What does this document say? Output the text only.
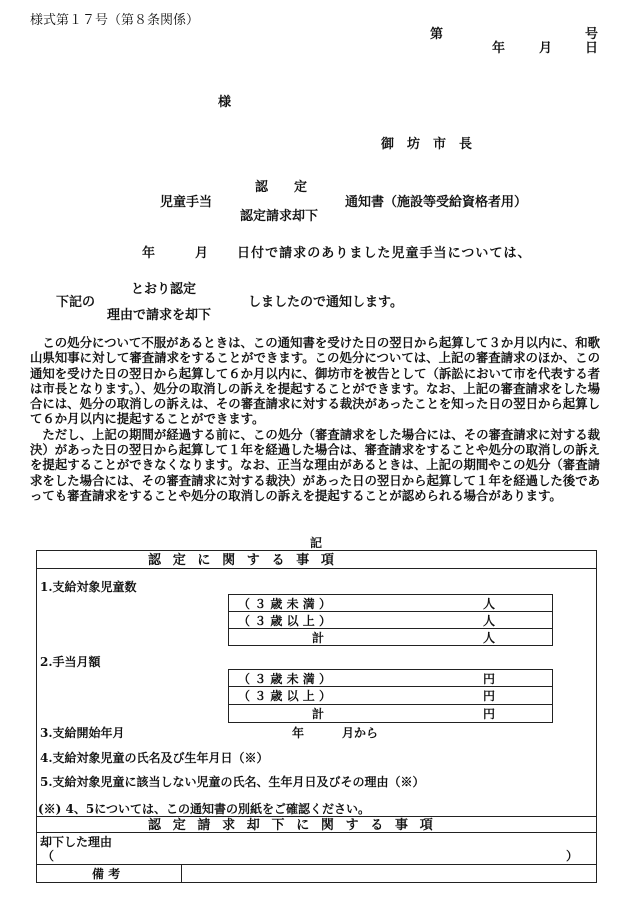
様式第１７号（第８条関係）
第	号
年	月	日
様
御　坊　市　長
認　　定
児童手当	通知書（施設等受給資格者用）
認定請求却下
年	月 日付で請求のありました児童手当については、
とおり認定
下記の	しましたので通知します。
理由で請求を却下

この処分について不服があるときは、この通知書を受けた日の翌日から起算して３か月以内に、和歌山県知事に対して審査請求をすることができます。この処分については、上記の審査請求のほか、この通知を受けた日の翌日から起算して６か月以内に、御坊市を被告として（訴訟において市を代表する者は市長となります。）、処分の取消しの訴えを提起することができます。なお、上記の審査請求をした場合には、処分の取消しの訴えは、その審査請求に対する裁決があったことを知った日の翌日から起算して６か月以内に提起することができます。

ただし、上記の期間が経過する前に、この処分（審査請求をした場合には、その審査請求に対する裁決）があった日の翌日から起算して１年を経過した場合は、審査請求をすることや処分の取消しの訴えを提起することができなくなります。なお、正当な理由があるときは、上記の期間やこの処分（審査請求をした場合には、その審査請求に対する裁決）があった日の翌日から起算して１年を経過した後であっても審査請求をすることや処分の取消しの訴えを提起することが認められる場合があります。

記
認定に関する事項
1.支給対象児童数
（３歳未満）	人
（３歳以上）	人
計	人
2.手当月額
（３歳未満）	円
（３歳以上）	円
計	円
3.支給開始年月	年	月から
4.支給対象児童の氏名及び生年月日（※）
5.支給対象児童に該当しない児童の氏名、生年月日及びその理由（※）
(※) 4、5については、この通知書の別紙をご確認ください。
認定請求却下に関する事項
却下した理由
（	）
備考
